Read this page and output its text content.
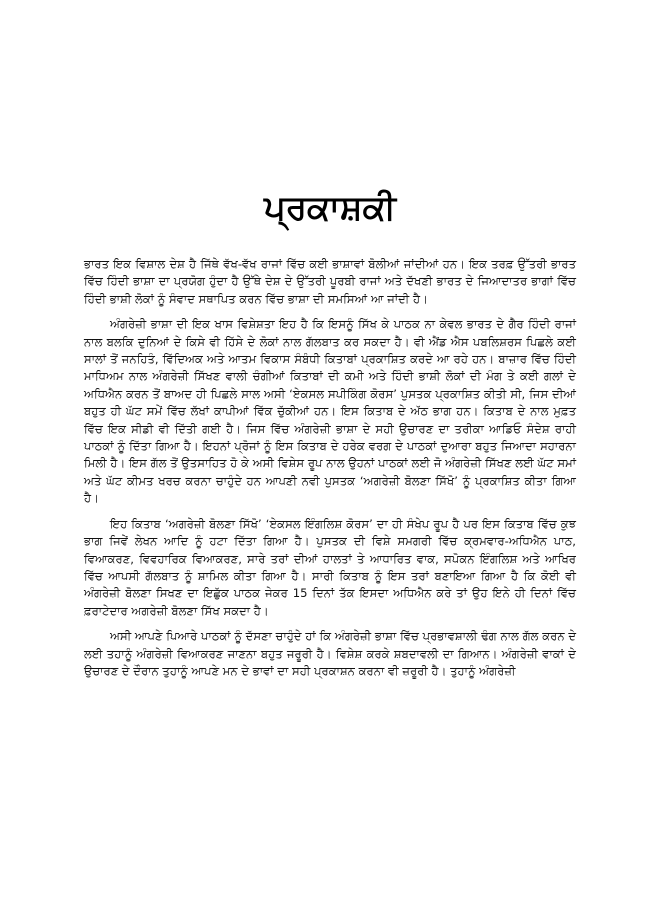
ਪ੍ਰਕਾਸ਼ਕੀ

ਭਾਰਤ ਇਕ ਵਿਸ਼ਾਲ ਦੇਸ਼ ਹੈ ਜਿੱਥੇ ਵੱਖ-ਵੱਖ ਰਾਜਾਂ ਵਿੱਚ ਕਈ ਭਾਸ਼ਾਵਾਂ ਬੋਲੀਆਂ ਜਾਂਦੀਆਂ ਹਨ। ਇਕ ਤਰਫ਼ ਉੱਤਰੀ ਭਾਰਤ ਵਿੱਚ ਹਿੰਦੀ ਭਾਸ਼ਾ ਦਾ ਪ੍ਰਯੋਗ ਹੁੰਦਾ ਹੈ ਉੱਥੇ ਦੇਸ਼ ਦੇ ਉੱਤਰੀ ਪੂਰਬੀ ਰਾਜਾਂ ਅਤੇ ਦੱਖਣੀ ਭਾਰਤ ਦੇ ਜਿਆਦਾਤਰ ਭਾਗਾਂ ਵਿੱਚ ਹਿੰਦੀ ਭਾਸ਼ੀ ਲੋਕਾਂ ਨੂੰ ਸੰਵਾਦ ਸਥਾਪਿਤ ਕਰਨ ਵਿੱਚ ਭਾਸ਼ਾ ਦੀ ਸਮਸਿਆਂ ਆ ਜਾਂਦੀ ਹੈ।

ਅੰਗਰੇਜ਼ੀ ਭਾਸ਼ਾ ਦੀ ਇਕ ਖਾਸ ਵਿਸ਼ੇਸ਼ਤਾ ਇਹ ਹੈ ਕਿ ਇਸਨੂੰ ਸਿੱਖ ਕੇ ਪਾਠਕ ਨਾ ਕੇਵਲ ਭਾਰਤ ਦੇ ਗੈਰ ਹਿੰਦੀ ਰਾਜਾਂ ਨਾਲ ਬਲਕਿ ਦੁਨਿਆਂ ਦੇ ਕਿਸੇ ਵੀ ਹਿੱਸੇ ਦੇ ਲੋਕਾਂ ਨਾਲ ਗੱਲਬਾਤ ਕਰ ਸਕਦਾ ਹੈ। ਵੀ ਐਂਡ ਐਸ ਪਬਲਿਸ਼ਰਸ ਪਿਛਲੇ ਕਈ ਸਾਲਾਂ ਤੋਂ ਜਨਹਿਤੰ, ਵਿੱਦਿਅਕ ਅਤੇ ਆਤਮ ਵਿਕਾਸ ਸੰਬੰਧੀ ਕਿਤਾਬਾਂ ਪ੍ਰਕਾਸ਼ਿਤ ਕਰਦੇ ਆ ਰਹੇ ਹਨ। ਬਾਜ਼ਾਰ ਵਿੱਚ ਹਿੰਦੀ ਮਾਧਿਅਮ ਨਾਲ ਅੰਗਰੇਜ਼ੀ ਸਿੱਖਣ ਵਾਲੀ ਚੰਗੀਆਂ ਕਿਤਾਬਾਂ ਦੀ ਕਮੀ ਅਤੇ ਹਿੰਦੀ ਭਾਸ਼ੀ ਲੋਕਾਂ ਦੀ ਮੰਗ ਤੇ ਕਈ ਗਲਾਂ ਦੇ ਅਧਿਐਨ ਕਰਨ ਤੋਂ ਬਾਅਦ ਹੀ ਪਿਛਲੇ ਸਾਲ ਅਸੀ ‘ਏਕਸਲ ਸਪੀਕਿੰਗ ਕੋਰਸ’ ਪੁਸਤਕ ਪ੍ਰਕਾਸ਼ਿਤ ਕੀਤੀ ਸੀ, ਜਿਸ ਦੀਆਂ ਬਹੁਤ ਹੀ ਘੱਟ ਸਮੇਂ ਵਿੱਚ ਲੱਖਾਂ ਕਾਪੀਆਂ ਵਿੱਕ ਚੁੱਕੀਆਂ ਹਨ। ਇਸ ਕਿਤਾਬ ਦੇ ਅੱਠ ਭਾਗ ਹਨ। ਕਿਤਾਬ ਦੇ ਨਾਲ ਮੁਫ਼ਤ ਵਿੱਚ ਇਕ ਸੀਡੀ ਵੀ ਦਿੱਤੀ ਗਈ ਹੈ। ਜਿਸ ਵਿੱਚ ਅੰਗਰੇਜ਼ੀ ਭਾਸ਼ਾ ਦੇ ਸਹੀ ਉਚਾਰਣ ਦਾ ਤਰੀਕਾ ਆਡਿਓ ਸੰਦੇਸ਼ ਰਾਹੀ ਪਾਠਕਾਂ ਨੂੰ ਦਿੱਤਾ ਗਿਆ ਹੈ। ਇਹਨਾਂ ਪ੍ਰੋਜਾਂ ਨੂੰ ਇਸ ਕਿਤਾਬ ਦੇ ਹਰੇਕ ਵਰਗ ਦੇ ਪਾਠਕਾਂ ਦੁਆਰਾ ਬਹੁਤ ਜਿਆਦਾ ਸਹਾਰਨਾ ਮਿਲੀ ਹੈ। ਇਸ ਗੱਲ ਤੋਂ ਉਤਸਾਹਿਤ ਹੋ ਕੇ ਅਸੀ ਵਿਸ਼ੇਸ ਰੂਪ ਨਾਲ ਉਹਨਾਂ ਪਾਠਕਾਂ ਲਈ ਜੋ ਅੰਗਰੇਜ਼ੀ ਸਿੱਖਣ ਲਈ ਘੱਟ ਸਮਾਂ ਅਤੇ ਘੱਟ ਕੀਮਤ ਖਰਚ ਕਰਨਾ ਚਾਹੁੰਦੇ ਹਨ ਆਪਣੀ ਨਵੀ ਪੁਸਤਕ ‘ਅਗਰੇਜ਼ੀ ਬੋਲਣਾ ਸਿੱਖੋ’ ਨੂੰ ਪ੍ਰਕਾਸ਼ਿਤ ਕੀਤਾ ਗਿਆ ਹੈ।

ਇਹ ਕਿਤਾਬ ‘ਅਗਰੇਜ਼ੀ ਬੋਲਣਾ ਸਿੱਖੋ’ ‘ਏਕਸਲ ਇੰਗਲਿਸ਼ ਕੋਰਸ’ ਦਾ ਹੀ ਸੰਖੇਪ ਰੂਪ ਹੈ ਪਰ ਇਸ ਕਿਤਾਬ ਵਿੱਚ ਕੁਝ ਭਾਗ ਜਿਵੇਂ ਲੇਖਨ ਆਦਿ ਨੂੰ ਹਟਾ ਦਿੱਤਾ ਗਿਆ ਹੈ। ਪੁਸਤਕ ਦੀ ਵਿਸ਼ੇ ਸਮਗਰੀ ਵਿੱਚ ਕ੍ਰਮਵਾਰ-ਅਧਿਐਨ ਪਾਠ, ਵਿਆਕਰਣ, ਵਿਵਹਾਰਿਕ ਵਿਆਕਰਣ, ਸਾਰੇ ਤਰਾਂ ਦੀਆਂ ਹਾਲਤਾਂ ਤੇ ਆਧਾਰਿਤ ਵਾਕ, ਸਪੋਕਨ ਇੰਗਲਿਸ਼ ਅਤੇ ਆਖਿਰ ਵਿੱਚ ਆਪਸੀ ਗੱਲਬਾਤ ਨੂੰ ਸ਼ਾਮਿਲ ਕੀਤਾ ਗਿਆ ਹੈ। ਸਾਰੀ ਕਿਤਾਬ ਨੂੰ ਇਸ ਤਰਾਂ ਬਣਾਇਆ ਗਿਆ ਹੈ ਕਿ ਕੋਈ ਵੀ ਅੰਗਰੇਜ਼ੀ ਬੋਲਣਾ ਸਿਖਣ ਦਾ ਇਛੁੱਕ ਪਾਠਕ ਜੇਕਰ 15 ਦਿਨਾਂ ਤੱਕ ਇਸਦਾ ਅਧਿਐਨ ਕਰੇ ਤਾਂ ਉਹ ਇਨੇ ਹੀ ਦਿਨਾਂ ਵਿੱਚ ਫ਼ਰਾਟੇਦਾਰ ਅਗਰੇਜ਼ੀ ਬੋਲਣਾ ਸਿੱਖ ਸਕਦਾ ਹੈ।

ਅਸੀ ਆਪਣੇ ਪਿਆਰੇ ਪਾਠਕਾਂ ਨੂੰ ਦੱਸਣਾ ਚਾਹੁੰਦੇ ਹਾਂ ਕਿ ਅੰਗਰੇਜ਼ੀ ਭਾਸ਼ਾ ਵਿੱਚ ਪ੍ਰਭਾਵਸ਼ਾਲੀ ਢੰਗ ਨਾਲ ਗੱਲ ਕਰਨ ਦੇ ਲਈ ਤਹਾਨੂੰ ਅੰਗਰੇਜ਼ੀ ਵਿਆਕਰਣ ਜਾਣਨਾ ਬਹੁਤ ਜਰੂਰੀ ਹੈ। ਵਿਸ਼ੇਸ਼ ਕਰਕੇ ਸ਼ਬਦਾਵਲੀ ਦਾ ਗਿਆਨ। ਅੰਗਰੇਜ਼ੀ ਵਾਕਾਂ ਦੇ ਉਚਾਰਣ ਦੇ ਦੌਰਾਨ ਤੁਹਾਨੂੰ ਆਪਣੇ ਮਨ ਦੇ ਭਾਵਾਂ ਦਾ ਸਹੀ ਪ੍ਰਕਾਸ਼ਨ ਕਰਨਾ ਵੀ ਜ਼ਰੂਰੀ ਹੈ। ਤੁਹਾਨੂੰ ਅੰਗਰੇਜ਼ੀ
